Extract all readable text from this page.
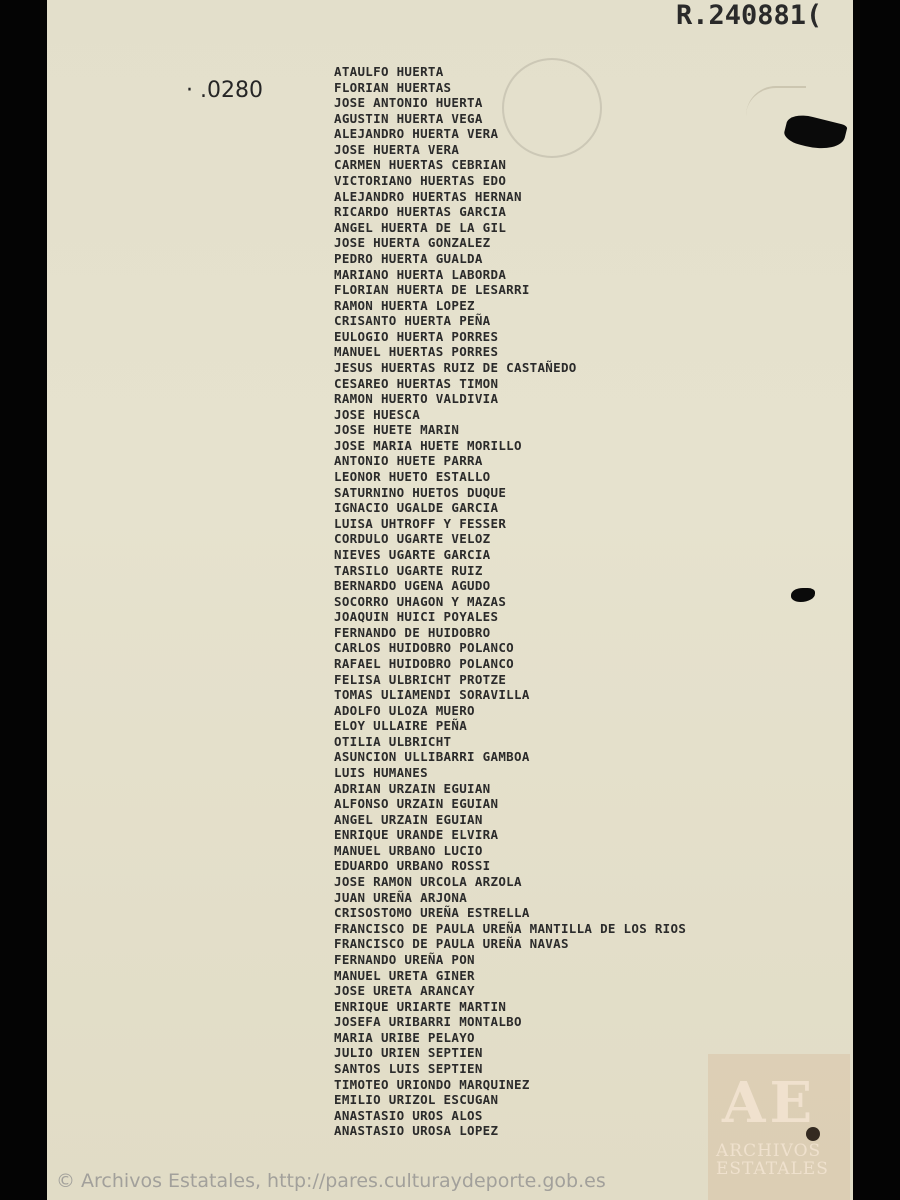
R.240881(
· .0280
ATAULFO HUERTA
FLORIAN HUERTAS
JOSE ANTONIO HUERTA
AGUSTIN HUERTA VEGA
ALEJANDRO HUERTA VERA
JOSE HUERTA VERA
CARMEN HUERTAS CEBRIAN
VICTORIANO HUERTAS EDO
ALEJANDRO HUERTAS HERNAN
RICARDO HUERTAS GARCIA
ANGEL HUERTA DE LA GIL
JOSE HUERTA GONZALEZ
PEDRO HUERTA GUALDA
MARIANO HUERTA LABORDA
FLORIAN HUERTA DE LESARRI
RAMON HUERTA LOPEZ
CRISANTO HUERTA PEÑA
EULOGIO HUERTA PORRES
MANUEL HUERTAS PORRES
JESUS HUERTAS RUIZ DE CASTAÑEDO
CESAREO HUERTAS TIMON
RAMON HUERTO VALDIVIA
JOSE HUESCA
JOSE HUETE MARIN
JOSE MARIA HUETE MORILLO
ANTONIO HUETE PARRA
LEONOR HUETO ESTALLO
SATURNINO HUETOS DUQUE
IGNACIO UGALDE GARCIA
LUISA UHTROFF Y FESSER
CORDULO UGARTE VELOZ
NIEVES UGARTE GARCIA
TARSILO UGARTE RUIZ
BERNARDO UGENA AGUDO
SOCORRO UHAGON Y MAZAS
JOAQUIN HUICI POYALES
FERNANDO DE HUIDOBRO
CARLOS HUIDOBRO POLANCO
RAFAEL HUIDOBRO POLANCO
FELISA ULBRICHT PROTZE
TOMAS ULIAMENDI SORAVILLA
ADOLFO ULOZA MUERO
ELOY ULLAIRE PEÑA
OTILIA ULBRICHT
ASUNCION ULLIBARRI GAMBOA
LUIS HUMANES
ADRIAN URZAIN EGUIAN
ALFONSO URZAIN EGUIAN
ANGEL URZAIN EGUIAN
ENRIQUE URANDE ELVIRA
MANUEL URBANO LUCIO
EDUARDO URBANO ROSSI
JOSE RAMON URCOLA ARZOLA
JUAN UREÑA ARJONA
CRISOSTOMO UREÑA ESTRELLA
FRANCISCO DE PAULA UREÑA MANTILLA DE LOS RIOS
FRANCISCO DE PAULA UREÑA NAVAS
FERNANDO UREÑA PON
MANUEL URETA GINER
JOSE URETA ARANCAY
ENRIQUE URIARTE MARTIN
JOSEFA URIBARRI MONTALBO
MARIA URIBE PELAYO
JULIO URIEN SEPTIEN
SANTOS LUIS SEPTIEN
TIMOTEO URIONDO MARQUINEZ
EMILIO URIZOL ESCUGAN
ANASTASIO UROS ALOS
ANASTASIO UROSA LOPEZ	AE
ARCHIVOS ESTATALES
© Archivos Estatales, http://pares.culturaydeporte.gob.es
